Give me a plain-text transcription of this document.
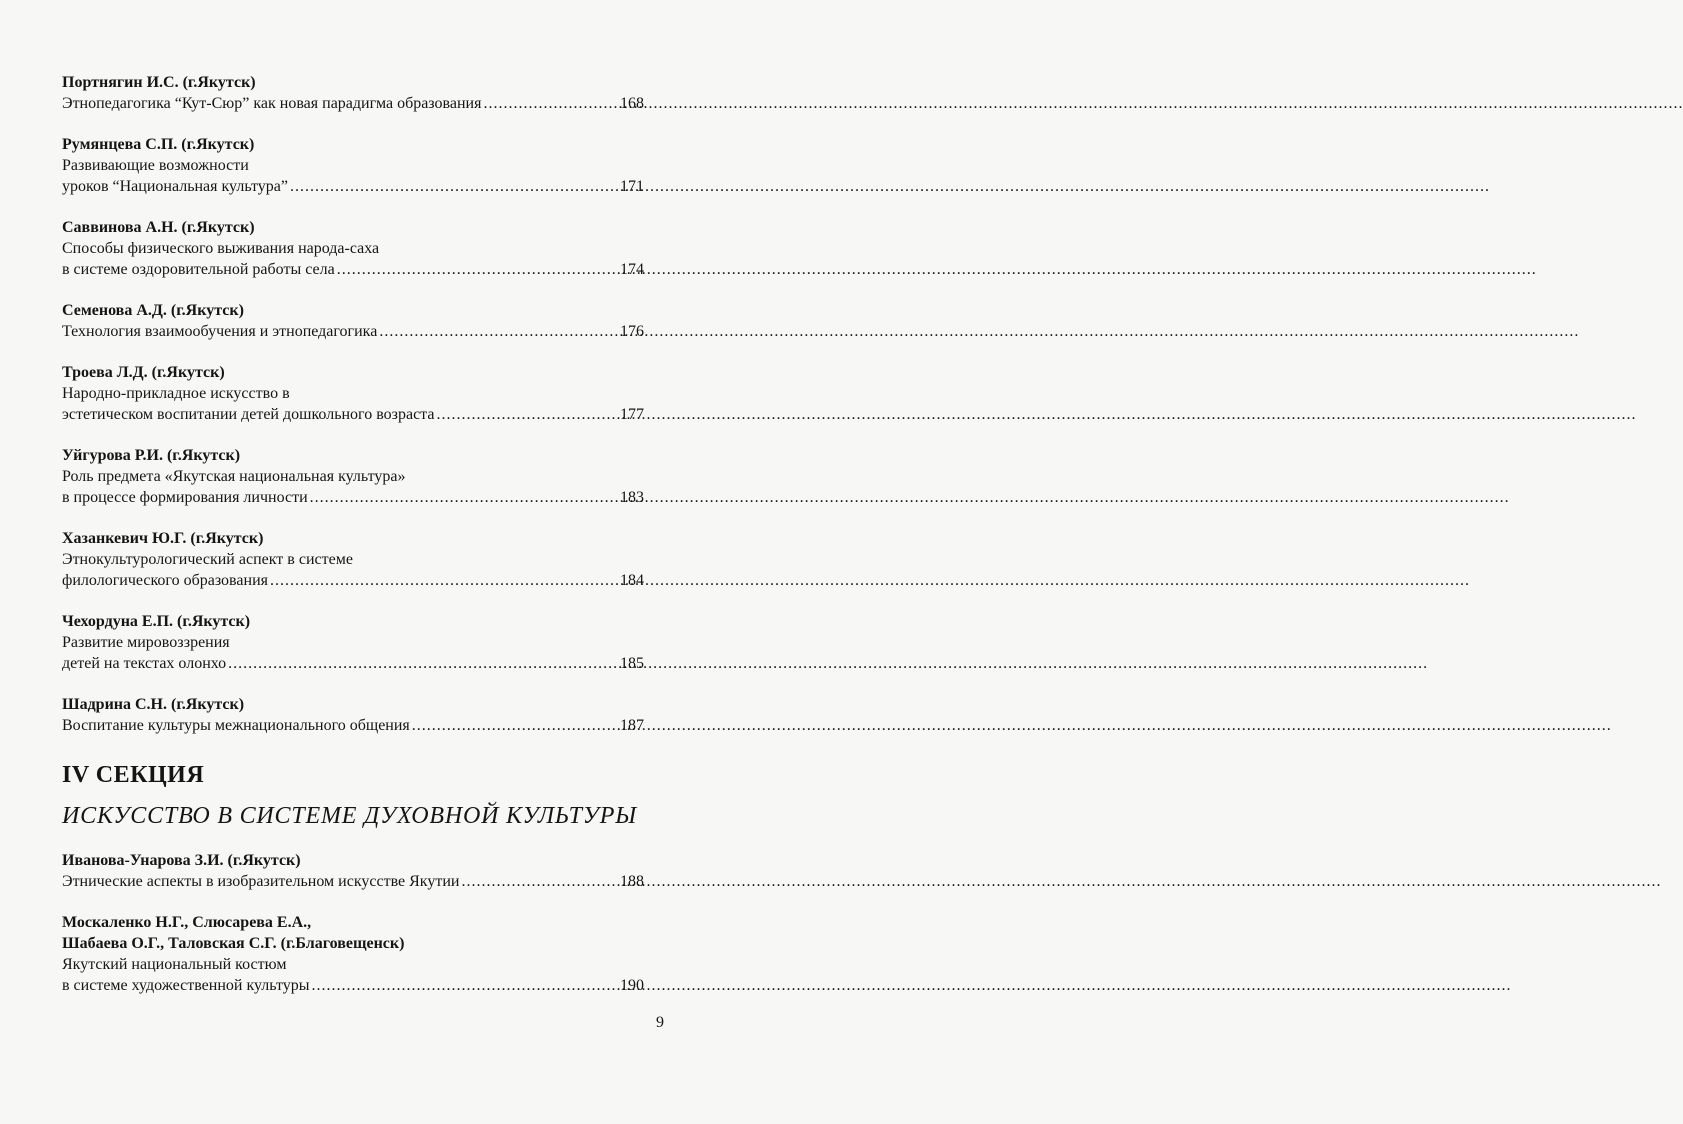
Портнягин И.С. (г.Якутск)
Этнопедагогика “Кут-Сюр” как новая парадигма образования .....	168
Румянцева С.П. (г.Якутск)
Развивающие возможности
уроков “Национальная культура” .....	171
Саввинова А.Н. (г.Якутск)
Способы физического выживания народа-саха
в системе оздоровительной работы села .....	174
Семенова А.Д. (г.Якутск)
Технология взаимообучения и этнопедагогика .....	176
Троева Л.Д. (г.Якутск)
Народно-прикладное искусство в
эстетическом воспитании детей дошкольного возраста .....	177
Уйгурова Р.И. (г.Якутск)
Роль предмета «Якутская национальная культура»
в процессе формирования личности .....	183
Хазанкевич Ю.Г. (г.Якутск)
Этнокультурологический аспект в системе
филологического образования .....	184
Чехордуна Е.П. (г.Якутск)
Развитие мировоззрения
детей на текстах олонхо .....	185
Шадрина С.Н. (г.Якутск)
Воспитание культуры межнационального общения .....	187
IV СЕКЦИЯ
ИСКУССТВО В СИСТЕМЕ ДУХОВНОЙ КУЛЬТУРЫ
Иванова-Унарова З.И. (г.Якутск)
Этнические аспекты в изобразительном искусстве Якутии .....	188
Москаленко Н.Г., Слюсарева Е.А.,
Шабаева О.Г., Таловская С.Г. (г.Благовещенск)
Якутский национальный костюм
в системе художественной культуры .....	190
9
